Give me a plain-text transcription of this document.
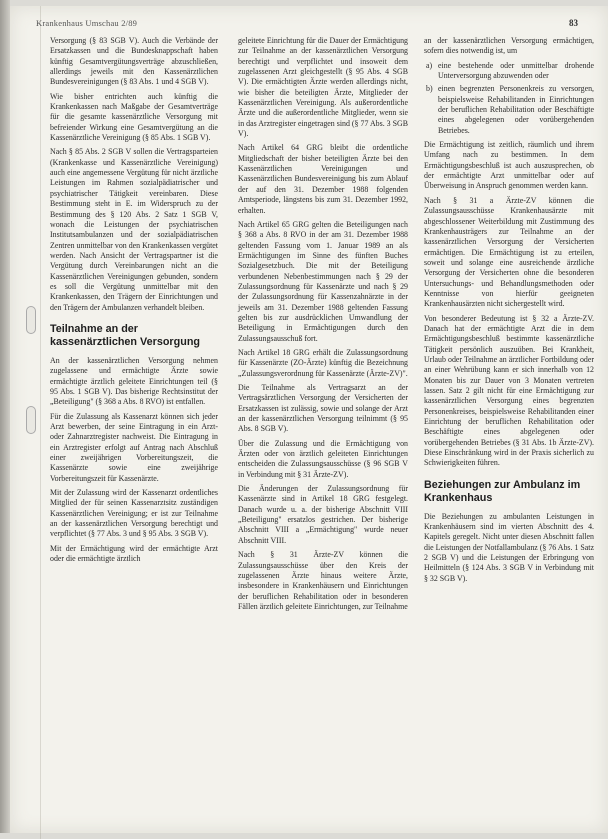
Krankenhaus Umschau 2/89	83

Versorgung (§ 83 SGB V). Auch die Verbände der Ersatzkassen und die Bundesknappschaft haben künftig Gesamtvergütungsverträge abzuschließen, allerdings jeweils mit den Kassenärztlichen Bundesvereinigungen (§ 83 Abs. 1 und 4 SGB V).

Wie bisher entrichten auch künftig die Krankenkassen nach Maßgabe der Gesamtverträge für die gesamte kassenärztliche Versorgung mit befreiender Wirkung eine Gesamtvergütung an die Kassenärztliche Vereinigung (§ 85 Abs. 1 SGB V).

Nach § 85 Abs. 2 SGB V sollen die Vertragsparteien (Krankenkasse und Kassenärztliche Vereinigung) auch eine angemessene Vergütung für nicht ärztliche Leistungen im Rahmen sozialpädiatrischer und psychiatrischer Tätigkeit vereinbaren. Diese Bestimmung steht in E. im Widerspruch zu der Bestimmung des § 120 Abs. 2 Satz 1 SGB V, wonach die Leistungen der psychiatrischen Institutsambulanzen und der sozialpädiatrischen Zentren unmittelbar von den Krankenkassen vergütet werden. Nach Ansicht der Vertragspartner ist die Vergütung durch Vereinbarungen nicht an die Kassenärztlichen Vereinigungen gebunden, sondern es soll die Vergütung unmittelbar mit den Krankenkassen, den Trägern der Einrichtungen und den Trägern der Ambulanzen verhandelt bleiben.

Teilnahme an der kassenärztlichen Versorgung

An der kassenärztlichen Versorgung nehmen zugelassene und ermächtigte Ärzte sowie ermächtigte ärztlich geleitete Einrichtungen teil (§ 95 Abs. 1 SGB V). Das bisherige Rechtsinstitut der „Beteiligung" (§ 368 a Abs. 8 RVO) ist entfallen.

Für die Zulassung als Kassenarzt können sich jeder Arzt bewerben, der seine Eintragung in ein Arzt- oder Zahnarztregister nachweist. Die Eintragung in ein Arztregister erfolgt auf Antrag nach Abschluß einer zweijährigen Vorbereitungszeit, die Kassenärzte sowie eine zweijährige Vorbereitungszeit für Kassenärzte.

Mit der Zulassung wird der Kassenarzt ordentliches Mitglied der für seinen Kassenarztsitz zuständigen Kassenärztlichen Vereinigung; er ist zur Teilnahme an der kassenärztlichen Versorgung berechtigt und verpflichtet (§ 77 Abs. 3 und § 95 Abs. 3 SGB V).

Mit der Ermächtigung wird der ermächtigte Arzt oder die ermächtigte ärztlich

geleitete Einrichtung für die Dauer der Ermächtigung zur Teilnahme an der kassenärztlichen Versorgung berechtigt und verpflichtet und insoweit dem zugelassenen Arzt gleichgestellt (§ 95 Abs. 4 SGB V). Die ermächtigten Ärzte werden allerdings nicht, wie bisher die beteiligten Ärzte, Mitglieder der Kassenärztlichen Vereinigung. Als außerordentliche Ärzte und die außerordentliche Mitglieder, wenn sie in das Arztregister eingetragen sind (§ 77 Abs. 3 SGB V).

Nach Artikel 64 GRG bleibt die ordentliche Mitgliedschaft der bisher beteiligten Ärzte bei den Kassenärztlichen Vereinigungen und Kassenärztlichen Bundesvereinigung bis zum Ablauf der auf den 31. Dezember 1988 folgenden Amtsperiode, längstens bis zum 31. Dezember 1992, erhalten.

Nach Artikel 65 GRG gelten die Beteiligungen nach § 368 a Abs. 8 RVO in der am 31. Dezember 1988 geltenden Fassung vom 1. Januar 1989 an als Ermächtigungen im Sinne des fünften Buches Sozialgesetzbuch. Die mit der Beteiligung verbundenen Nebenbestimmungen nach § 29 der Zulassungsordnung für Kassenärzte und nach § 29 der Zulassungsordnung für Kassenzahnärzte in der jeweils am 31. Dezember 1988 geltenden Fassung gelten bis zur ausdrücklichen Umwandlung der Beteiligung in Ermächtigungen durch den Zulassungsausschuß fort.

Nach Artikel 18 GRG erhält die Zulassungsordnung für Kassenärzte (ZO-Ärzte) künftig die Bezeichnung „Zulassungsverordnung für Kassenärzte (Ärzte-ZV)".

Die Teilnahme als Vertragsarzt an der Vertragsärztlichen Versorgung der Versicherten der Ersatzkassen ist zulässig, sowie und solange der Arzt an der kassenärztlichen Versorgung teilnimmt (§ 95 Abs. 8 SGB V).

Über die Zulassung und die Ermächtigung von Ärzten oder von ärztlich geleiteten Einrichtungen entscheiden die Zulassungsausschüsse (§ 96 SGB V in Verbindung mit § 31 Ärzte-ZV).

Die Änderungen der Zulassungsordnung für Kassenärzte sind in Artikel 18 GRG festgelegt. Danach wurde u. a. der bisherige Abschnitt VIII „Beteiligung" ersatzlos gestrichen. Der bisherige Abschnitt VIII a „Ermächtigung" wurde neuer Abschnitt VIII.

Nach § 31 Ärzte-ZV können die Zulassungsausschüsse über den Kreis der zugelassenen Ärzte hinaus weitere Ärzte, insbesondere in Krankenhäusern und Einrichtungen der beruflichen Rehabilitation oder in besonderen Fällen ärztlich geleitete Einrichtungen, zur Teilnahme

an der kassenärztlichen Versorgung ermächtigen, sofern dies notwendig ist, um

a) eine bestehende oder unmittelbar drohende Unterversorgung abzuwenden oder
b) einen begrenzten Personenkreis zu versorgen, beispielsweise Rehabilitanden in Einrichtungen der beruflichen Rehabilitation oder Beschäftigte eines abgelegenen oder vorübergehenden Betriebes.

Die Ermächtigung ist zeitlich, räumlich und ihrem Umfang nach zu bestimmen. In dem Ermächtigungsbeschluß ist auch auszusprechen, ob der ermächtigte Arzt unmittelbar oder auf Überweisung in Anspruch genommen werden kann.

Nach § 31 a Ärzte-ZV können die Zulassungsausschüsse Krankenhausärzte mit abgeschlossener Weiterbildung mit Zustimmung des Krankenhausträgers zur Teilnahme an der kassenärztlichen Versorgung der Versicherten ermächtigen. Die Ermächtigung ist zu erteilen, soweit und solange eine ausreichende ärztliche Versorgung der Versicherten ohne die besonderen Untersuchungs- und Behandlungsmethoden oder Kenntnisse von hierfür geeigneten Krankenhausärzten nicht sichergestellt wird.

Von besonderer Bedeutung ist § 32 a Ärzte-ZV. Danach hat der ermächtigte Arzt die in dem Ermächtigungsbeschluß bestimmte kassenärztliche Tätigkeit persönlich auszuüben. Bei Krankheit, Urlaub oder Teilnahme an ärztlicher Fortbildung oder an einer Wehrübung kann er sich innerhalb von 12 Monaten bis zur Dauer von 3 Monaten vertreten lassen. Satz 2 gilt nicht für eine Ermächtigung zur kassenärztlichen Versorgung eines begrenzten Personenkreises, beispielsweise Rehabilitanden einer Einrichtung der beruflichen Rehabilitation oder Beschäftigte eines abgelegenen oder vorübergehenden Betriebes (§ 31 Abs. 1b Ärzte-ZV). Diese Einschränkung wird in der Praxis sicherlich zu Schwierigkeiten führen.

Beziehungen zur Ambulanz im Krankenhaus

Die Beziehungen zu ambulanten Leistungen in Krankenhäusern sind im vierten Abschnitt des 4. Kapitels geregelt. Nicht unter diesen Abschnitt fallen die Leistungen der Notfallambulanz (§ 76 Abs. 1 Satz 2 SGB V) und die Leistungen der Erbringung von Heilmitteln (§ 124 Abs. 3 SGB V in Verbindung mit § 32 SGB V).
